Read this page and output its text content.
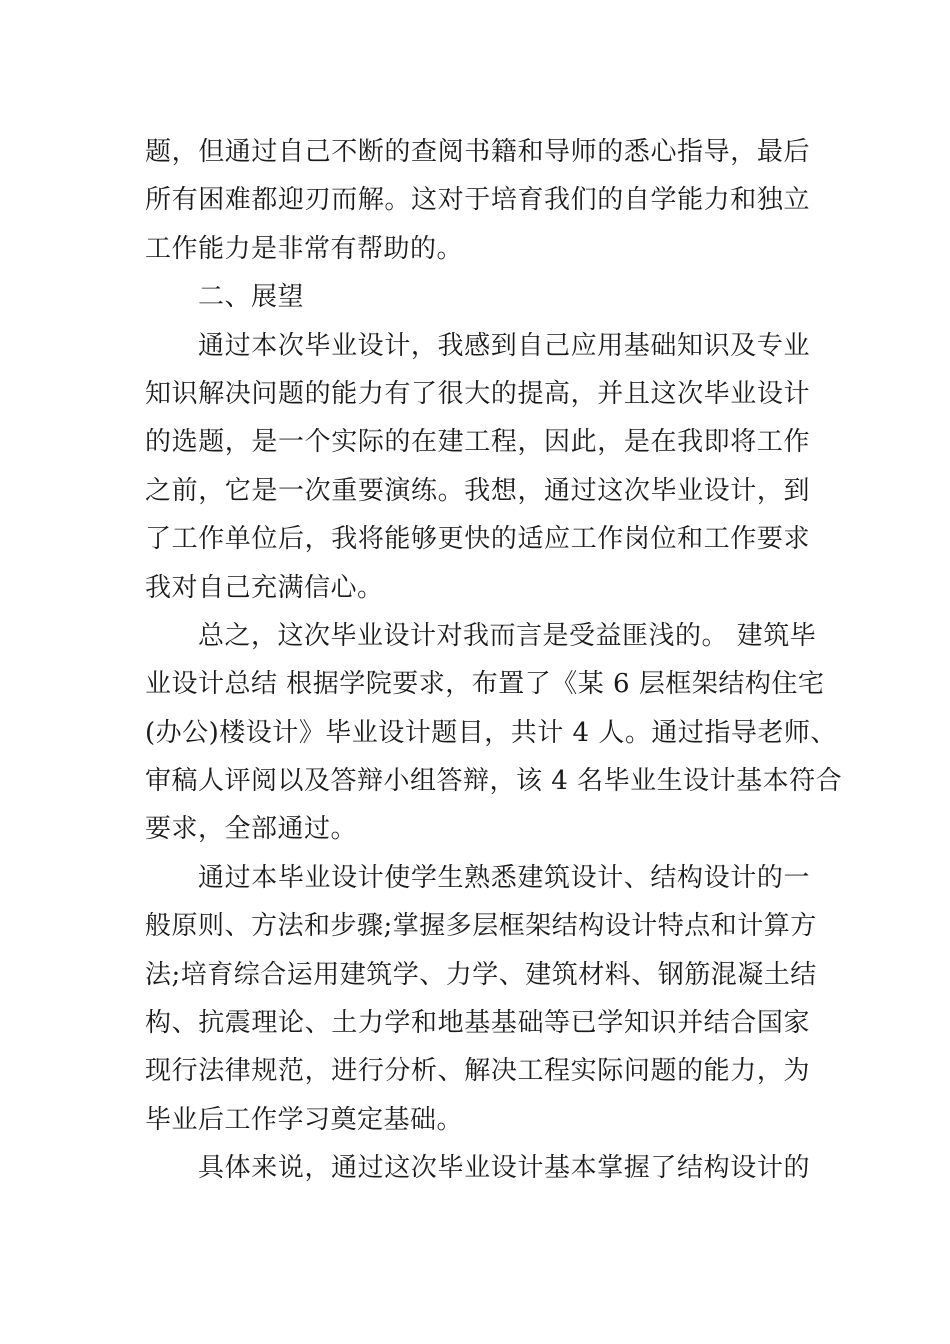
题，但通过自己不断的查阅书籍和导师的悉心指导，最后
所有困难都迎刃而解。这对于培育我们的自学能力和独立
工作能力是非常有帮助的。
二、展望
通过本次毕业设计，我感到自己应用基础知识及专业
知识解决问题的能力有了很大的提高，并且这次毕业设计
的选题，是一个实际的在建工程，因此，是在我即将工作
之前，它是一次重要演练。我想，通过这次毕业设计，到
了工作单位后，我将能够更快的适应工作岗位和工作要求
我对自己充满信心。
总之，这次毕业设计对我而言是受益匪浅的。 建筑毕
业设计总结 根据学院要求，布置了《某 6 层框架结构住宅
(办公)楼设计》毕业设计题目，共计 4 人。通过指导老师、
审稿人评阅以及答辩小组答辩，该 4 名毕业生设计基本符合
要求，全部通过。
通过本毕业设计使学生熟悉建筑设计、结构设计的一
般原则、方法和步骤;掌握多层框架结构设计特点和计算方
法;培育综合运用建筑学、力学、建筑材料、钢筋混凝土结
构、抗震理论、土力学和地基基础等已学知识并结合国家
现行法律规范，进行分析、解决工程实际问题的能力，为
毕业后工作学习奠定基础。
具体来说，通过这次毕业设计基本掌握了结构设计的
